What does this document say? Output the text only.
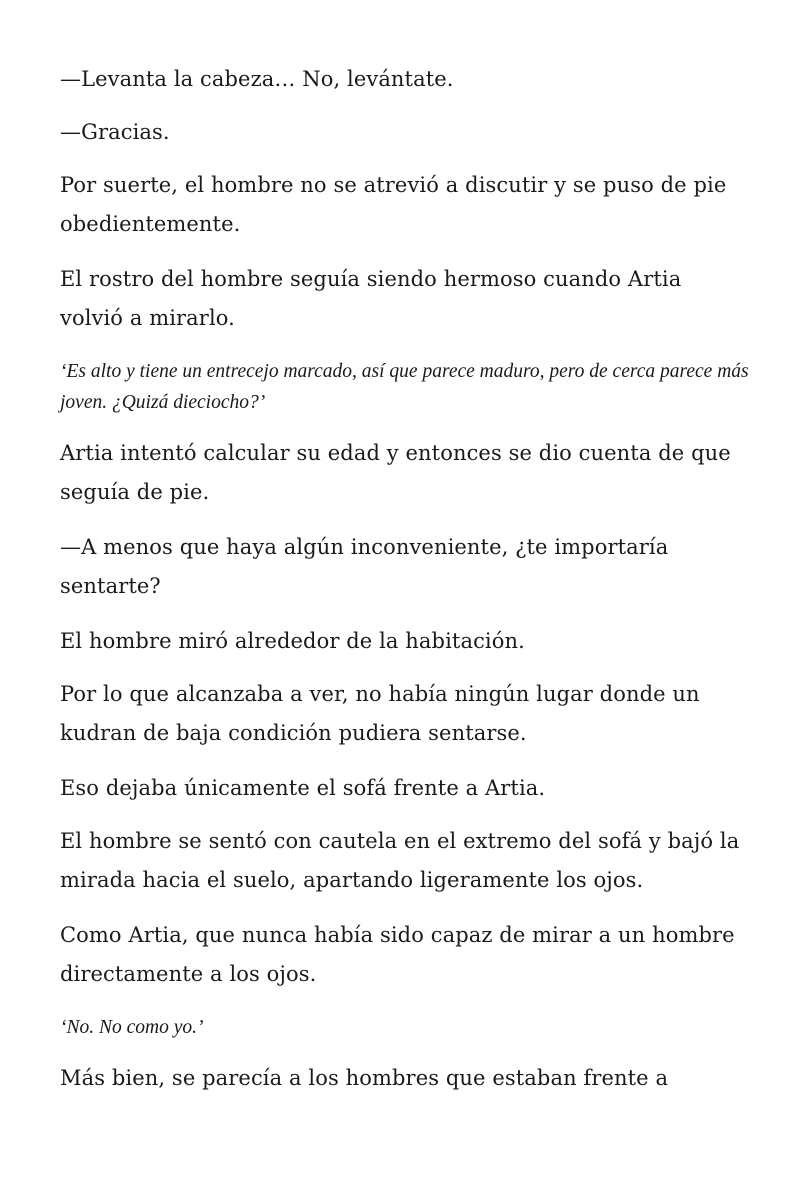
—Levanta la cabeza… No, levántate.

—Gracias.

Por suerte, el hombre no se atrevió a discutir y se puso de pie obedientemente.

El rostro del hombre seguía siendo hermoso cuando Artia volvió a mirarlo.

‘Es alto y tiene un entrecejo marcado, así que parece maduro, pero de cerca parece más joven. ¿Quizá dieciocho?’

Artia intentó calcular su edad y entonces se dio cuenta de que seguía de pie.

—A menos que haya algún inconveniente, ¿te importaría sentarte?

El hombre miró alrededor de la habitación.

Por lo que alcanzaba a ver, no había ningún lugar donde un kudran de baja condición pudiera sentarse.

Eso dejaba únicamente el sofá frente a Artia.

El hombre se sentó con cautela en el extremo del sofá y bajó la mirada hacia el suelo, apartando ligeramente los ojos.

Como Artia, que nunca había sido capaz de mirar a un hombre directamente a los ojos.

‘No. No como yo.’

Más bien, se parecía a los hombres que estaban frente a
